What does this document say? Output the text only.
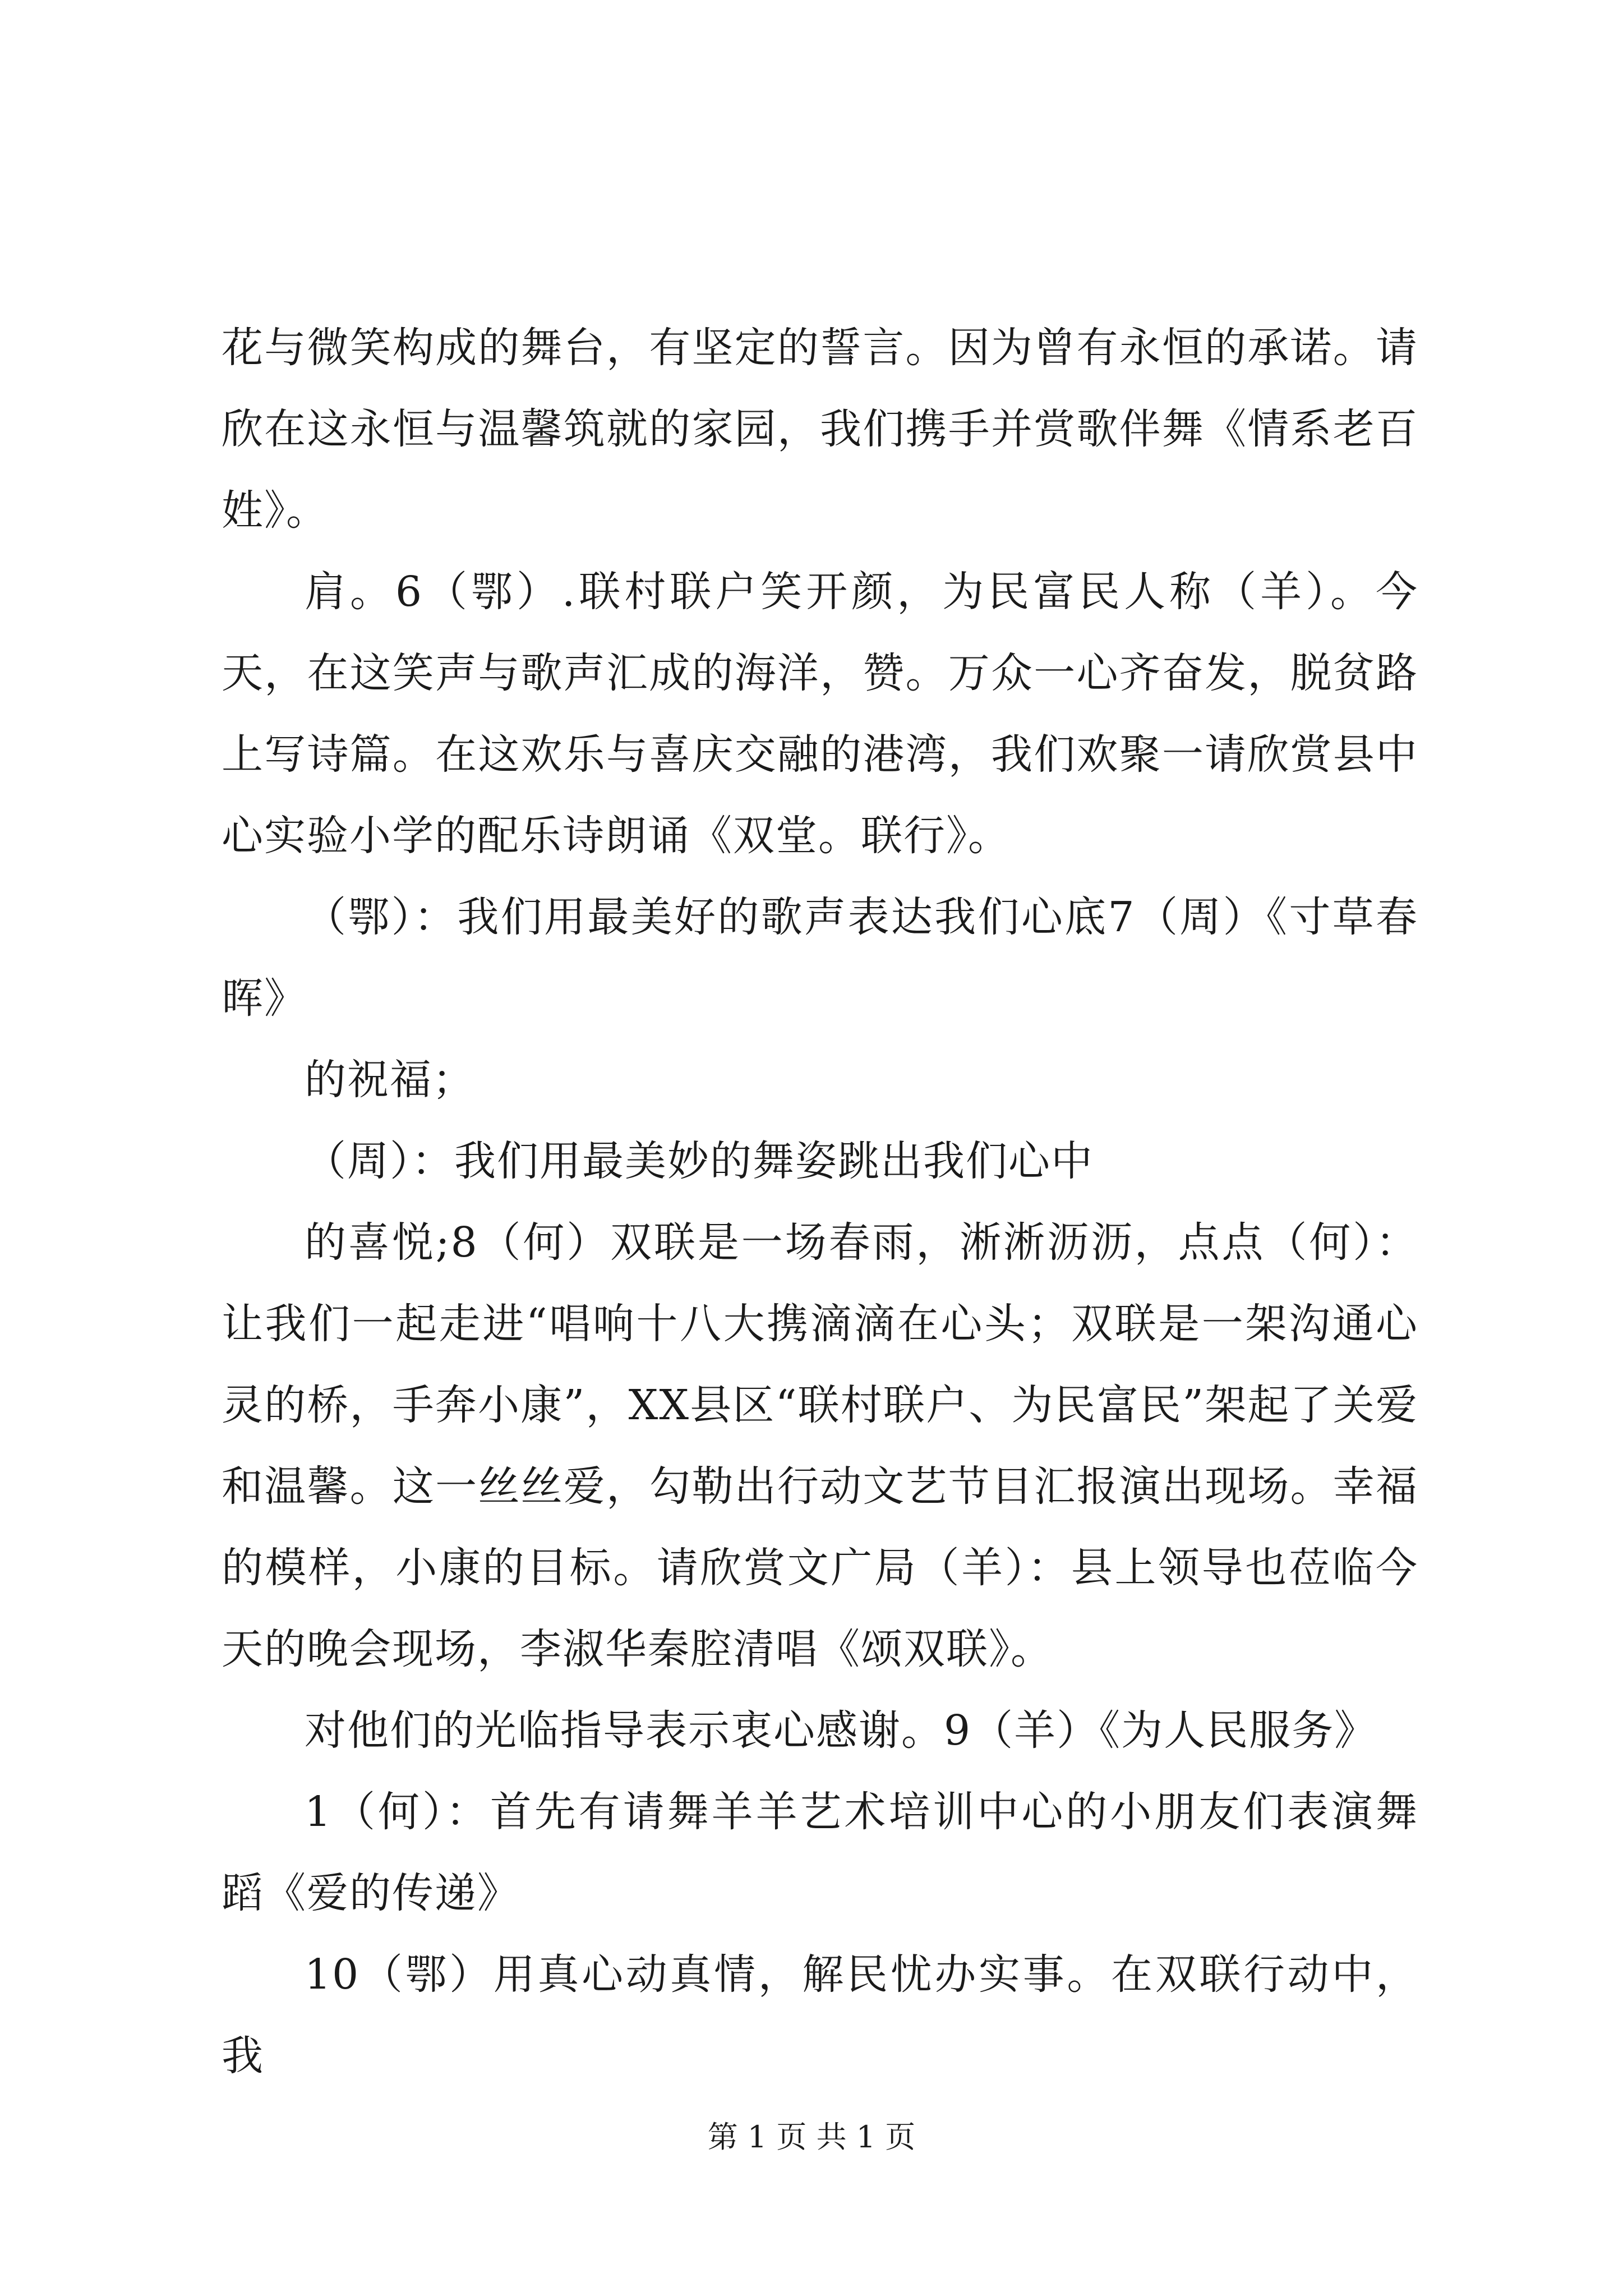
花与微笑构成的舞台，有坚定的誓言。因为曾有永恒的承诺。请欣在这永恒与温馨筑就的家园，我们携手并赏歌伴舞《情系老百姓》。

肩。6（鄂）.联村联户笑开颜，为民富民人称（羊）。今天，在这笑声与歌声汇成的海洋，赞。万众一心齐奋发，脱贫路上写诗篇。在这欢乐与喜庆交融的港湾，我们欢聚一请欣赏县中心实验小学的配乐诗朗诵《双堂。联行》。

（鄂）：我们用最美好的歌声表达我们心底7（周）《寸草春晖》

的祝福；

（周）：我们用最美妙的舞姿跳出我们心中

的喜悦;8（何）双联是一场春雨，淅淅沥沥，点点（何）：让我们一起走进“唱响十八大携滴滴在心头；双联是一架沟通心灵的桥，手奔小康”，XX县区“联村联户、为民富民”架起了关爱和温馨。这一丝丝爱，勾勒出行动文艺节目汇报演出现场。幸福的模样，小康的目标。请欣赏文广局（羊）：县上领导也莅临今天的晚会现场，李淑华秦腔清唱《颂双联》。

对他们的光临指导表示衷心感谢。9（羊）《为人民服务》

1（何）：首先有请舞羊羊艺术培训中心的小朋友们表演舞蹈《爱的传递》

10（鄂）用真心动真情，解民忧办实事。在双联行动中，我

第 1 页 共 1 页
